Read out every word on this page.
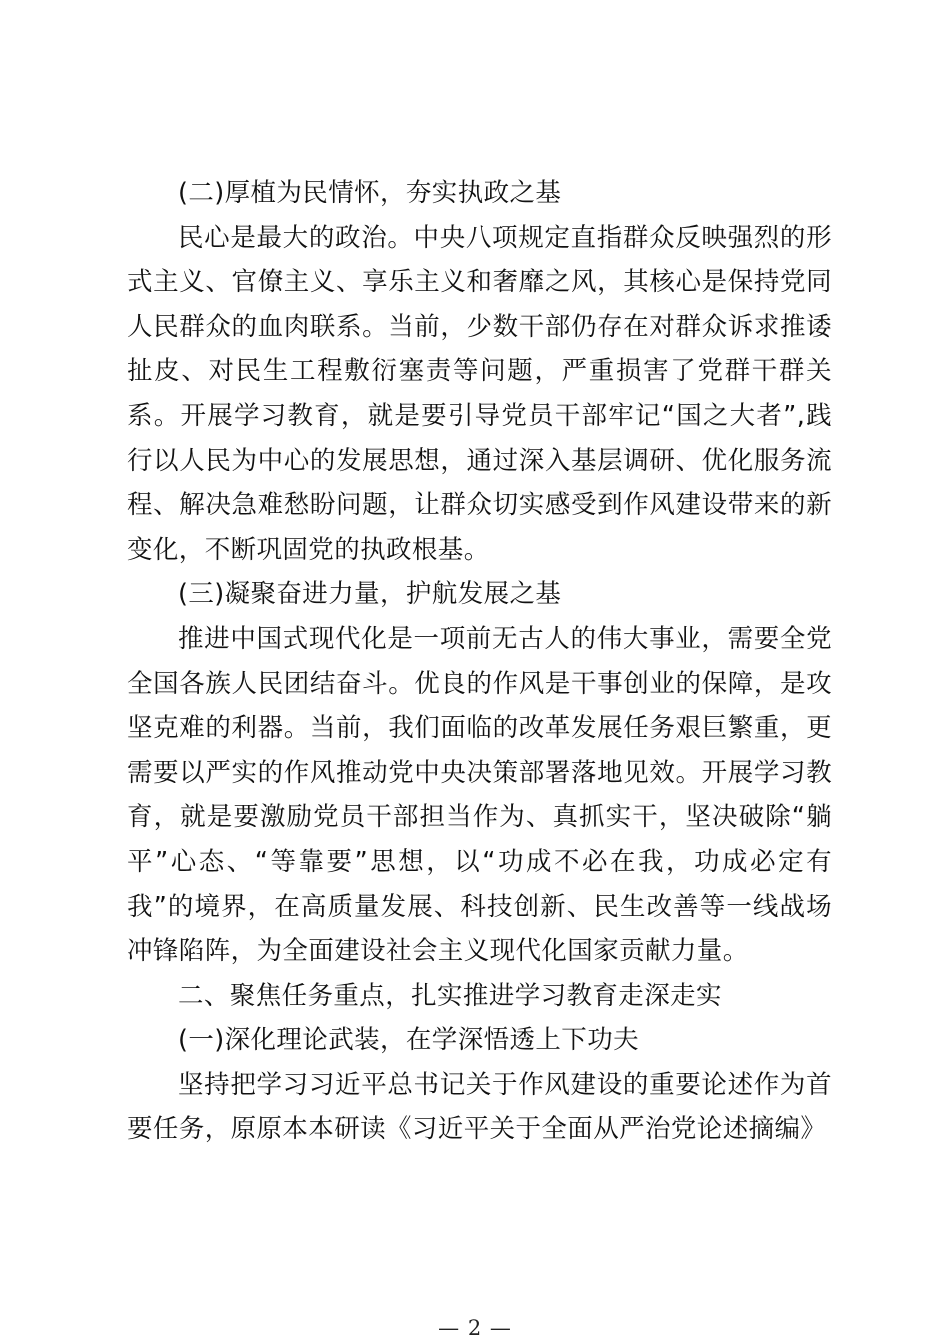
(二)厚植为民情怀，夯实执政之基

民心是最大的政治。中央八项规定直指群众反映强烈的形式主义、官僚主义、享乐主义和奢靡之风，其核心是保持党同人民群众的血肉联系。当前，少数干部仍存在对群众诉求推诿扯皮、对民生工程敷衍塞责等问题，严重损害了党群干群关系。开展学习教育，就是要引导党员干部牢记“国之大者”,践行以人民为中心的发展思想，通过深入基层调研、优化服务流程、解决急难愁盼问题，让群众切实感受到作风建设带来的新变化，不断巩固党的执政根基。

(三)凝聚奋进力量，护航发展之基

推进中国式现代化是一项前无古人的伟大事业，需要全党全国各族人民团结奋斗。优良的作风是干事创业的保障，是攻坚克难的利器。当前，我们面临的改革发展任务艰巨繁重，更需要以严实的作风推动党中央决策部署落地见效。开展学习教育，就是要激励党员干部担当作为、真抓实干，坚决破除“躺平”心态、“等靠要”思想，以“功成不必在我，功成必定有我”的境界，在高质量发展、科技创新、民生改善等一线战场冲锋陷阵，为全面建设社会主义现代化国家贡献力量。

二、聚焦任务重点，扎实推进学习教育走深走实

(一)深化理论武装，在学深悟透上下功夫

坚持把学习习近平总书记关于作风建设的重要论述作为首要任务，原原本本研读《习近平关于全面从严治党论述摘编》

— 2 —
